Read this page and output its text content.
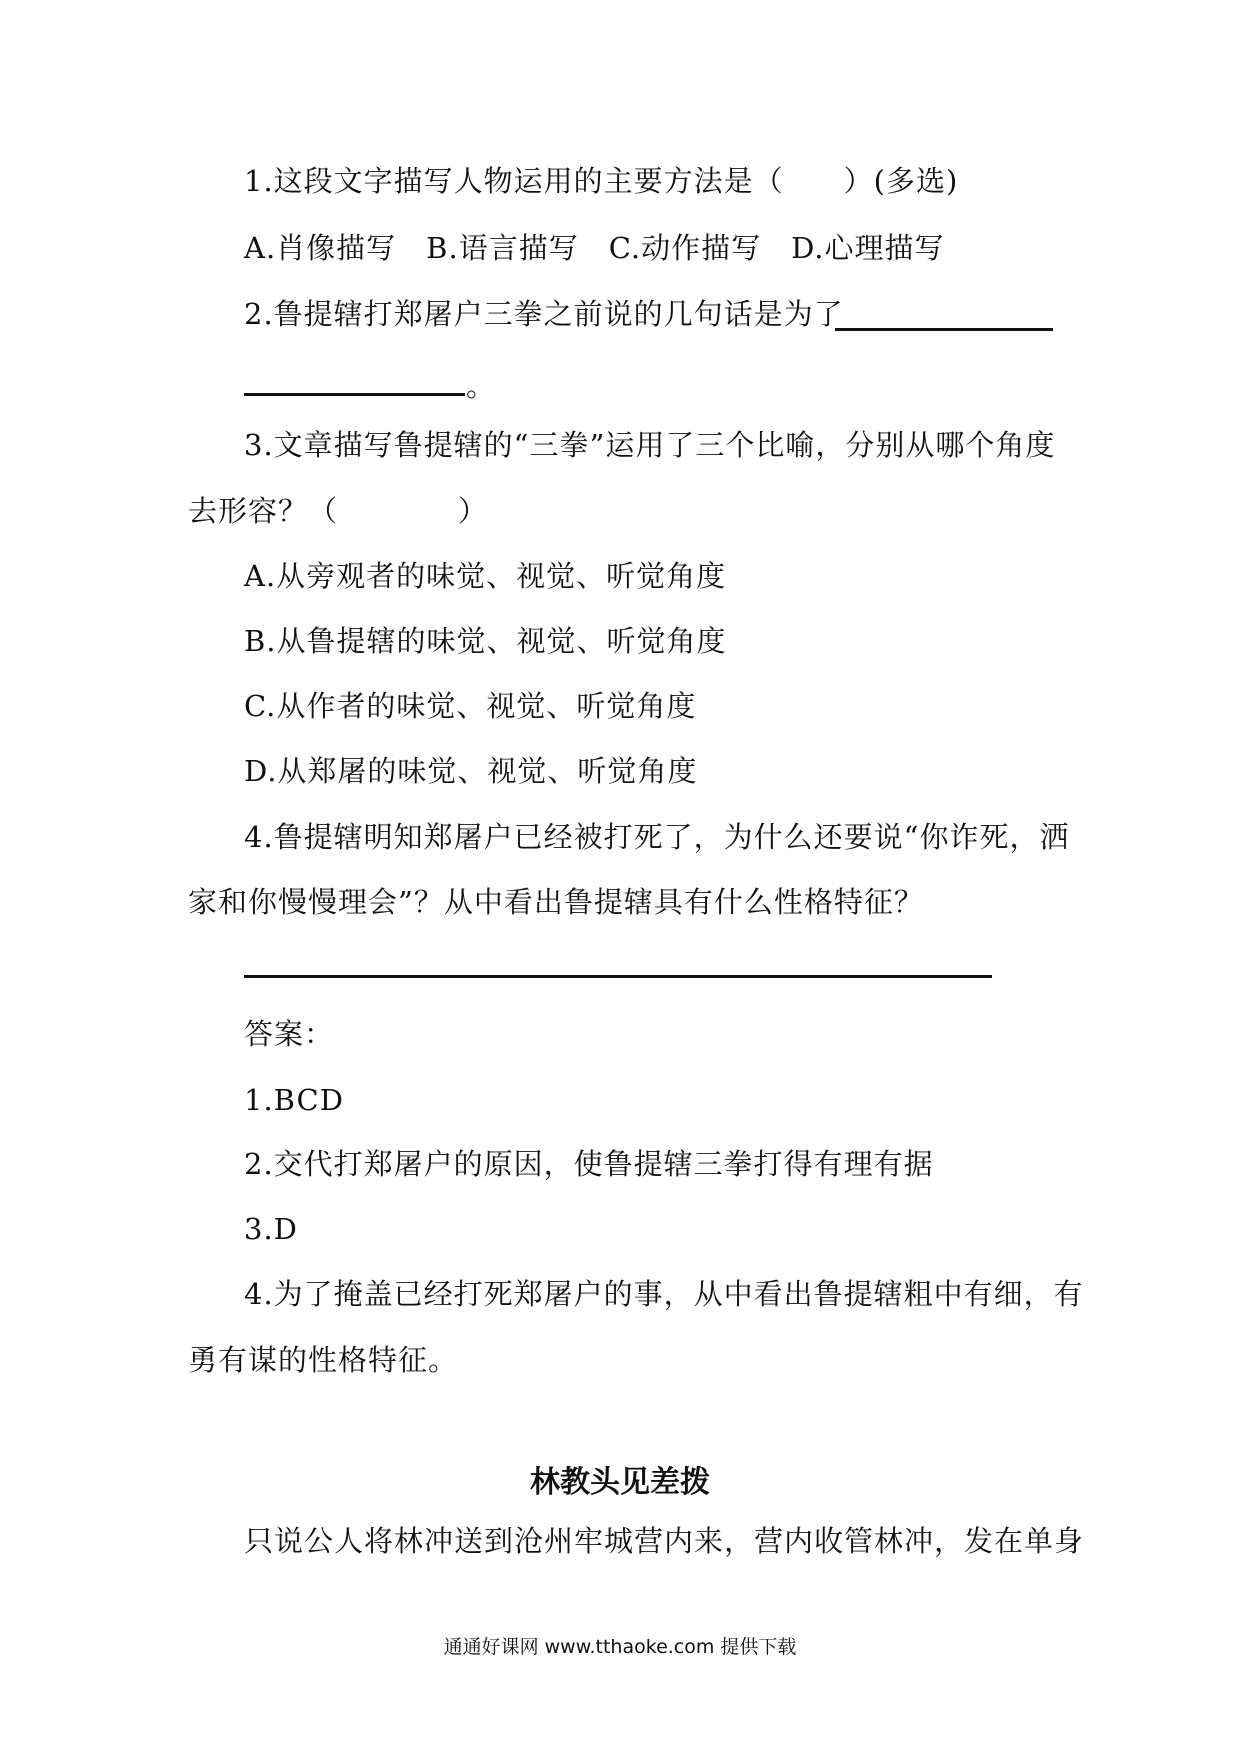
1.这段文字描写人物运用的主要方法是（　　）(多选)
A.肖像描写　B.语言描写　C.动作描写　D.心理描写
2.鲁提辖打郑屠户三拳之前说的几句话是为了
。
3.文章描写鲁提辖的“三拳”运用了三个比喻，分别从哪个角度
去形容？（　　　　）
A.从旁观者的味觉、视觉、听觉角度
B.从鲁提辖的味觉、视觉、听觉角度
C.从作者的味觉、视觉、听觉角度
D.从郑屠的味觉、视觉、听觉角度
4.鲁提辖明知郑屠户已经被打死了，为什么还要说“你诈死，洒
家和你慢慢理会”？从中看出鲁提辖具有什么性格特征？
答案：
1.BCD
2.交代打郑屠户的原因，使鲁提辖三拳打得有理有据
3.D
4.为了掩盖已经打死郑屠户的事，从中看出鲁提辖粗中有细，有
勇有谋的性格特征。
林教头见差拨
只说公人将林冲送到沧州牢城营内来，营内收管林冲，发在单身
通通好课网 www.tthaoke.com 提供下载
